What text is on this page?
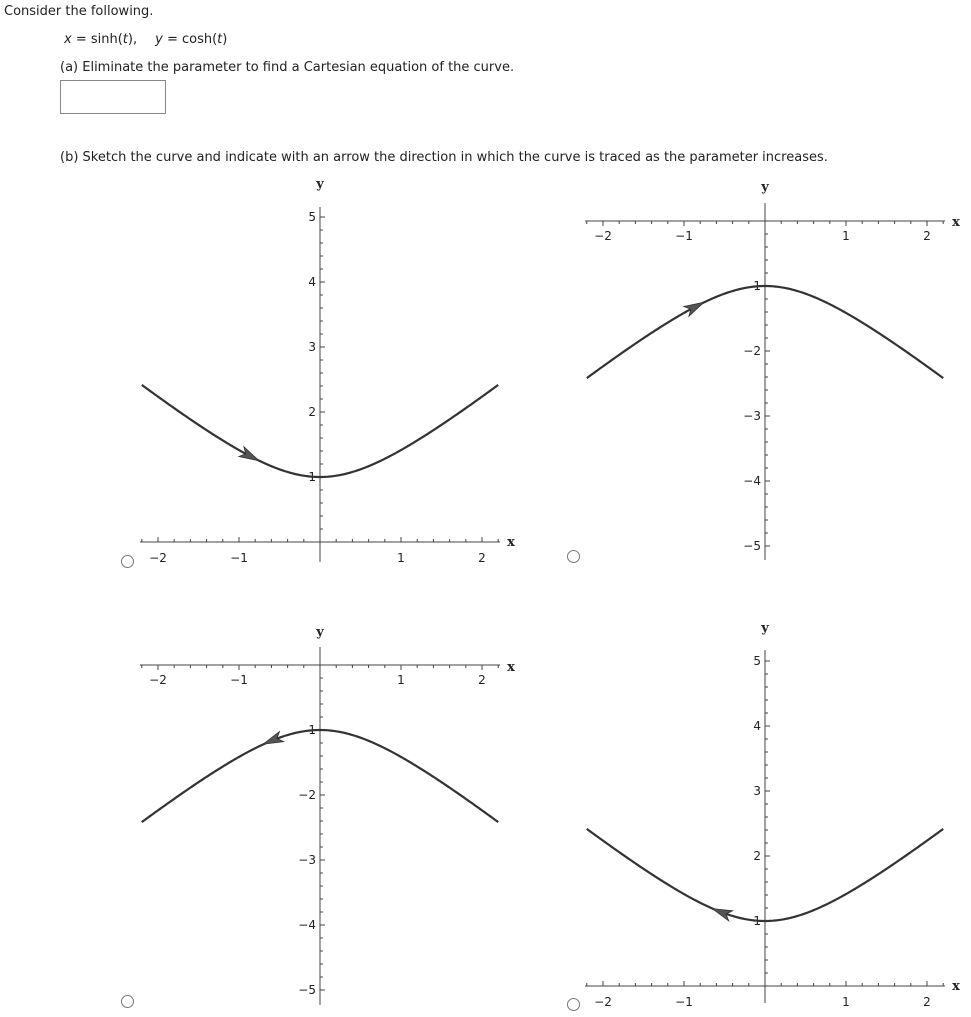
Consider the following.
x = sinh(t), y = cosh(t)
(a) Eliminate the parameter to find a Cartesian equation of the curve.
(b) Sketch the curve and indicate with an arrow the direction in which the curve is traced as the parameter increases.
−2	−1	1	2
1
2
3
4
5
y
x
−2	−1	1	2
1
−2
−3
−4
−5
y
x
−2	−1	1	2
1
−2
−3
−4
−5
y
x
−2	−1	1	2
1
2
3
4
5
y
x
